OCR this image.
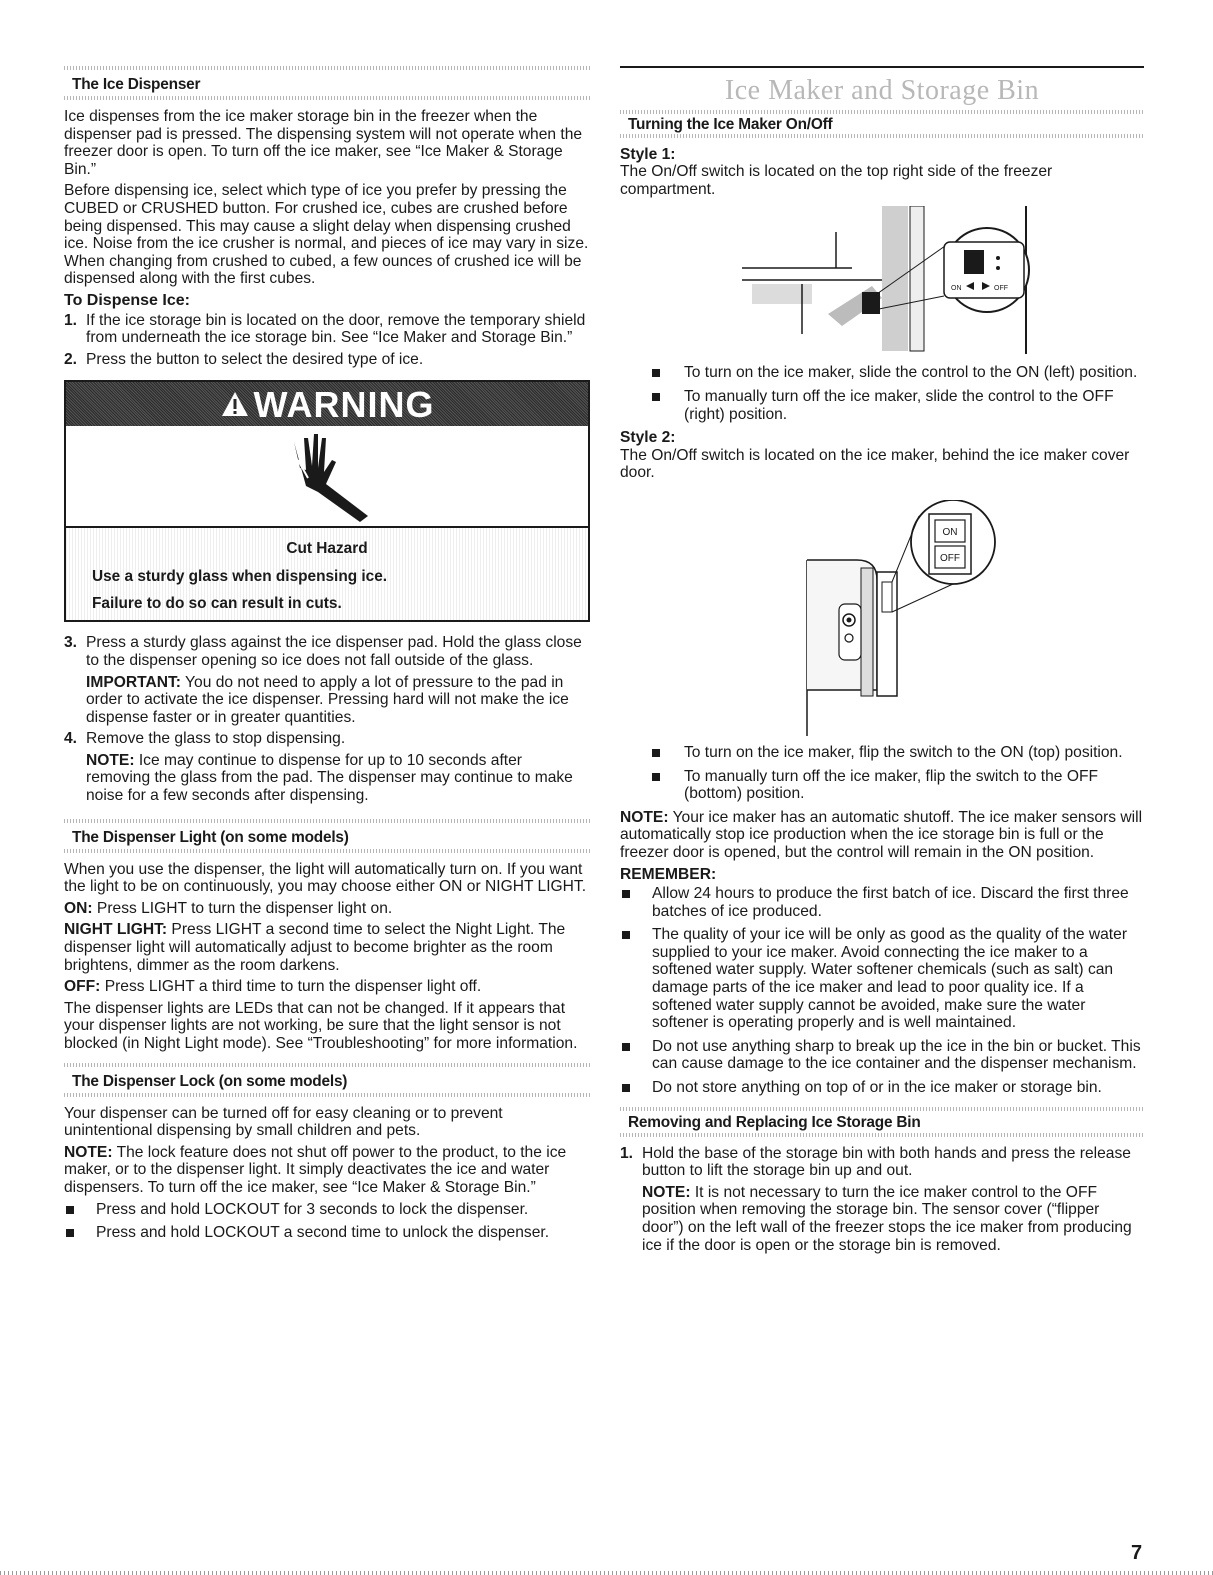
The Ice Dispenser

Ice dispenses from the ice maker storage bin in the freezer when the dispenser pad is pressed. The dispensing system will not operate when the freezer door is open. To turn off the ice maker, see “Ice Maker & Storage Bin.”

Before dispensing ice, select which type of ice you prefer by pressing the CUBED or CRUSHED button. For crushed ice, cubes are crushed before being dispensed. This may cause a slight delay when dispensing crushed ice. Noise from the ice crusher is normal, and pieces of ice may vary in size. When changing from crushed to cubed, a few ounces of crushed ice will be dispensed along with the first cubes.

To Dispense Ice:
1. If the ice storage bin is located on the door, remove the temporary shield from underneath the ice storage bin. See “Ice Maker and Storage Bin.”
2. Press the button to select the desired type of ice.
WARNING
Cut Hazard
Use a sturdy glass when dispensing ice.
Failure to do so can result in cuts.
3. Press a sturdy glass against the ice dispenser pad. Hold the glass close to the dispenser opening so ice does not fall outside of the glass.

IMPORTANT: You do not need to apply a lot of pressure to the pad in order to activate the ice dispenser. Pressing hard will not make the ice dispense faster or in greater quantities.

4. Remove the glass to stop dispensing.

NOTE: Ice may continue to dispense for up to 10 seconds after removing the glass from the pad. The dispenser may continue to make noise for a few seconds after dispensing.

The Dispenser Light (on some models)

When you use the dispenser, the light will automatically turn on. If you want the light to be on continuously, you may choose either ON or NIGHT LIGHT.

ON: Press LIGHT to turn the dispenser light on.

NIGHT LIGHT: Press LIGHT a second time to select the Night Light. The dispenser light will automatically adjust to become brighter as the room brightens, dimmer as the room darkens.

OFF: Press LIGHT a third time to turn the dispenser light off.

The dispenser lights are LEDs that can not be changed. If it appears that your dispenser lights are not working, be sure that the light sensor is not blocked (in Night Light mode). See “Troubleshooting” for more information.

The Dispenser Lock (on some models)

Your dispenser can be turned off for easy cleaning or to prevent unintentional dispensing by small children and pets.

NOTE: The lock feature does not shut off power to the product, to the ice maker, or to the dispenser light. It simply deactivates the ice and water dispensers. To turn off the ice maker, see “Ice Maker & Storage Bin.”

Press and hold LOCKOUT for 3 seconds to lock the dispenser.
Press and hold LOCKOUT a second time to unlock the dispenser.
Ice Maker and Storage Bin
Turning the Ice Maker On/Off
Style 1:

The On/Off switch is located on the top right side of the freezer compartment.

ON	OFF
To turn on the ice maker, slide the control to the ON (left) position.
To manually turn off the ice maker, slide the control to the OFF (right) position.
Style 2:

The On/Off switch is located on the ice maker, behind the ice maker cover door.

ON
OFF
To turn on the ice maker, flip the switch to the ON (top) position.
To manually turn off the ice maker, flip the switch to the OFF (bottom) position.

NOTE: Your ice maker has an automatic shutoff. The ice maker sensors will automatically stop ice production when the ice storage bin is full or the freezer door is opened, but the control will remain in the ON position.

REMEMBER:
Allow 24 hours to produce the first batch of ice. Discard the first three batches of ice produced.
The quality of your ice will be only as good as the quality of the water supplied to your ice maker. Avoid connecting the ice maker to a softened water supply. Water softener chemicals (such as salt) can damage parts of the ice maker and lead to poor quality ice. If a softened water supply cannot be avoided, make sure the water softener is operating properly and is well maintained.
Do not use anything sharp to break up the ice in the bin or bucket. This can cause damage to the ice container and the dispenser mechanism.
Do not store anything on top of or in the ice maker or storage bin.
Removing and Replacing Ice Storage Bin
1. Hold the base of the storage bin with both hands and press the release button to lift the storage bin up and out.

NOTE: It is not necessary to turn the ice maker control to the OFF position when removing the storage bin. The sensor cover (“flipper door”) on the left wall of the freezer stops the ice maker from producing ice if the door is open or the storage bin is removed.

7
